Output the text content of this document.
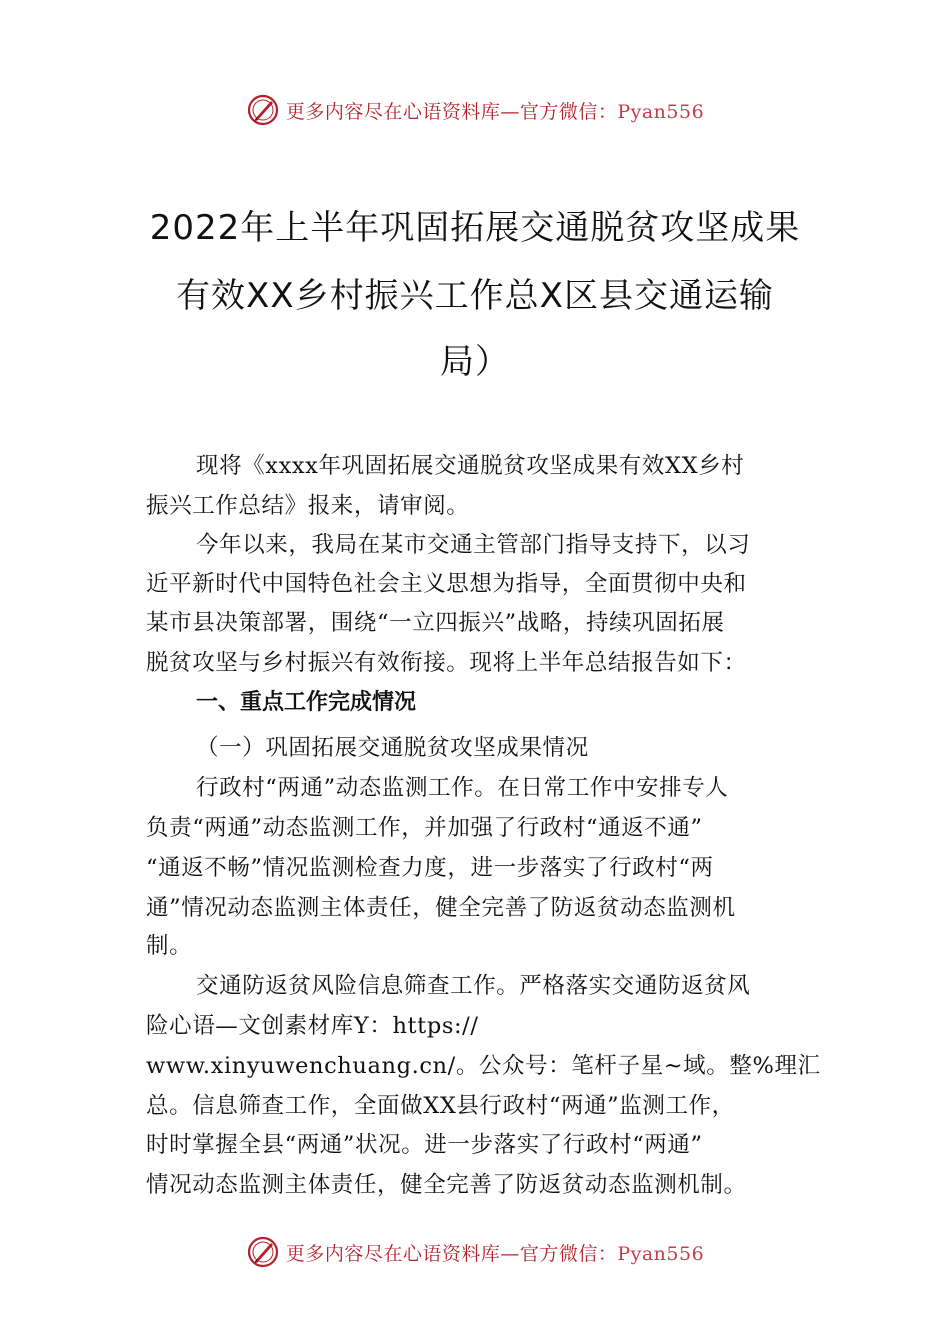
更多内容尽在心语资料库—官方微信：Pyan556
2022年上半年巩固拓展交通脱贫攻坚成果
有效XX乡村振兴工作总X区县交通运输
局）
现将《xxxx年巩固拓展交通脱贫攻坚成果有效XX乡村
振兴工作总结》报来，请审阅。
今年以来，我局在某市交通主管部门指导支持下，以习
近平新时代中国特色社会主义思想为指导，全面贯彻中央和
某市县决策部署，围绕“一立四振兴”战略，持续巩固拓展
脱贫攻坚与乡村振兴有效衔接。现将上半年总结报告如下：
一、重点工作完成情况
（一）巩固拓展交通脱贫攻坚成果情况
行政村“两通”动态监测工作。在日常工作中安排专人
负责“两通”动态监测工作，并加强了行政村“通返不通”
“通返不畅”情况监测检查力度，进一步落实了行政村“两
通”情况动态监测主体责任，健全完善了防返贫动态监测机
制。
交通防返贫风险信息筛查工作。严格落实交通防返贫风
险心语—文创素材库Y：https://
www.xinyuwenchuang.cn/。公众号：笔杆子星~域。整%理汇
总。信息筛查工作，全面做XX县行政村“两通”监测工作，
时时掌握全县“两通”状况。进一步落实了行政村“两通”
情况动态监测主体责任，健全完善了防返贫动态监测机制。
更多内容尽在心语资料库—官方微信：Pyan556
